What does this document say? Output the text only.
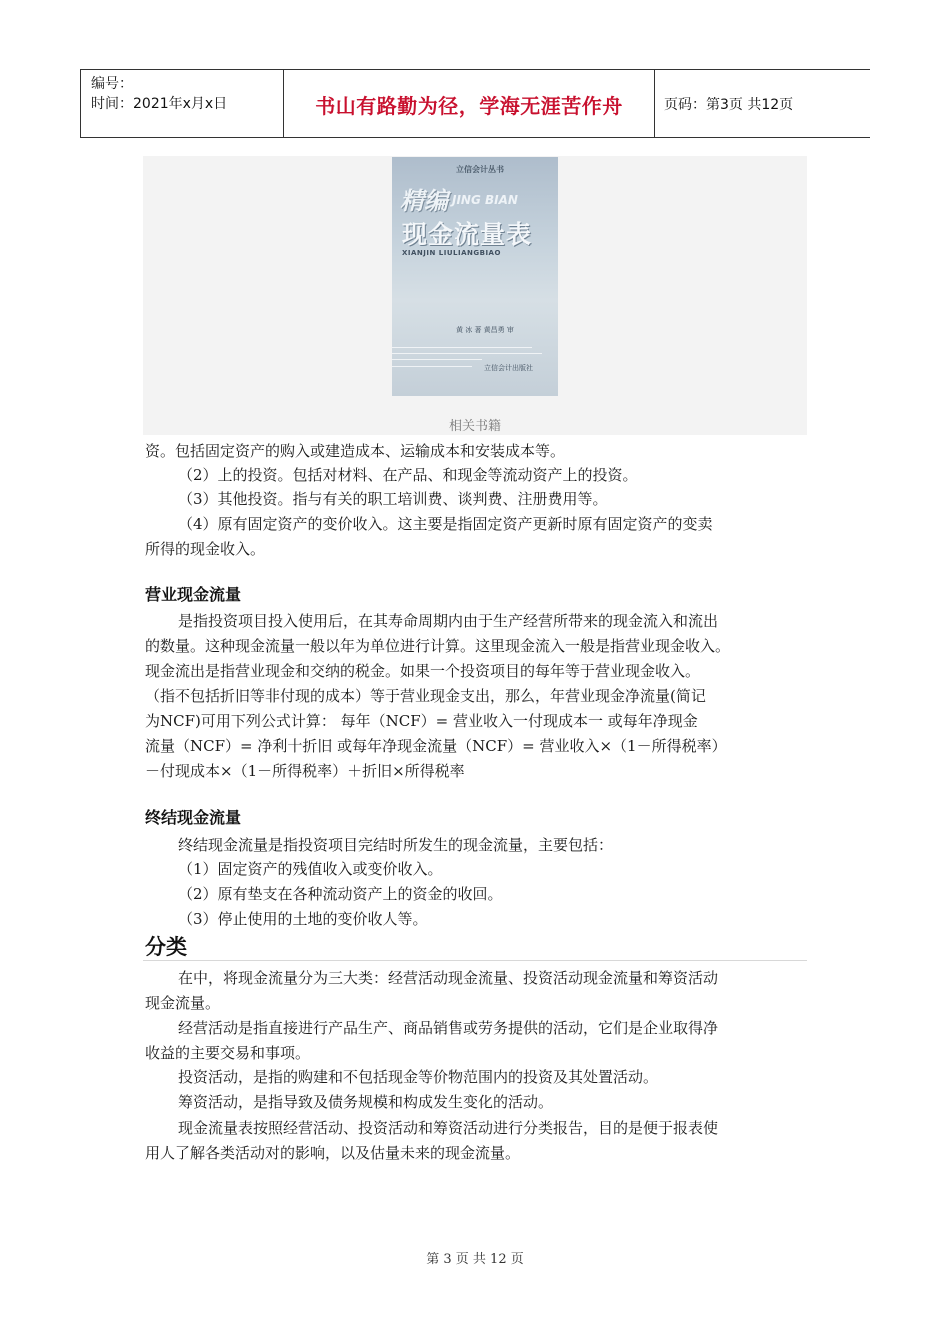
编号：
时间：2021年x月x日	书山有路勤为径，学海无涯苦作舟	页码：第3页 共12页
立信会计丛书
精编 JING BIAN
现金流量表
XIANJIN LIULIANGBIAO
黄 冰 著 黄昌勇 审
立信会计出版社
相关书籍
资。包括固定资产的购入或建造成本、运输成本和安装成本等。
（2）上的投资。包括对材料、在产品、和现金等流动资产上的投资。
（3）其他投资。指与有关的职工培训费、谈判费、注册费用等。
（4）原有固定资产的变价收入。这主要是指固定资产更新时原有固定资产的变卖
所得的现金收入。
营业现金流量
是指投资项目投入使用后，在其寿命周期内由于生产经营所带来的现金流入和流出
的数量。这种现金流量一般以年为单位进行计算。这里现金流入一般是指营业现金收入。
现金流出是指营业现金和交纳的税金。如果一个投资项目的每年等于营业现金收入。
（指不包括折旧等非付现的成本）等于营业现金支出，那么，年营业现金净流量(简记
为NCF)可用下列公式计算： 每年（NCF）= 营业收入一付现成本一 或每年净现金
流量（NCF）= 净利十折旧 或每年净现金流量（NCF）= 营业收入×（1－所得税率）
－付现成本×（1－所得税率）＋折旧×所得税率
终结现金流量
终结现金流量是指投资项目完结时所发生的现金流量，主要包括：
（1）固定资产的残值收入或变价收入。
（2）原有垫支在各种流动资产上的资金的收回。
（3）停止使用的土地的变价收人等。
分类
在中，将现金流量分为三大类：经营活动现金流量、投资活动现金流量和筹资活动
现金流量。
经营活动是指直接进行产品生产、商品销售或劳务提供的活动，它们是企业取得净
收益的主要交易和事项。
投资活动，是指的购建和不包括现金等价物范围内的投资及其处置活动。
筹资活动，是指导致及债务规模和构成发生变化的活动。
现金流量表按照经营活动、投资活动和筹资活动进行分类报告，目的是便于报表使
用人了解各类活动对的影响，以及估量未来的现金流量。
第 3 页 共 12 页
